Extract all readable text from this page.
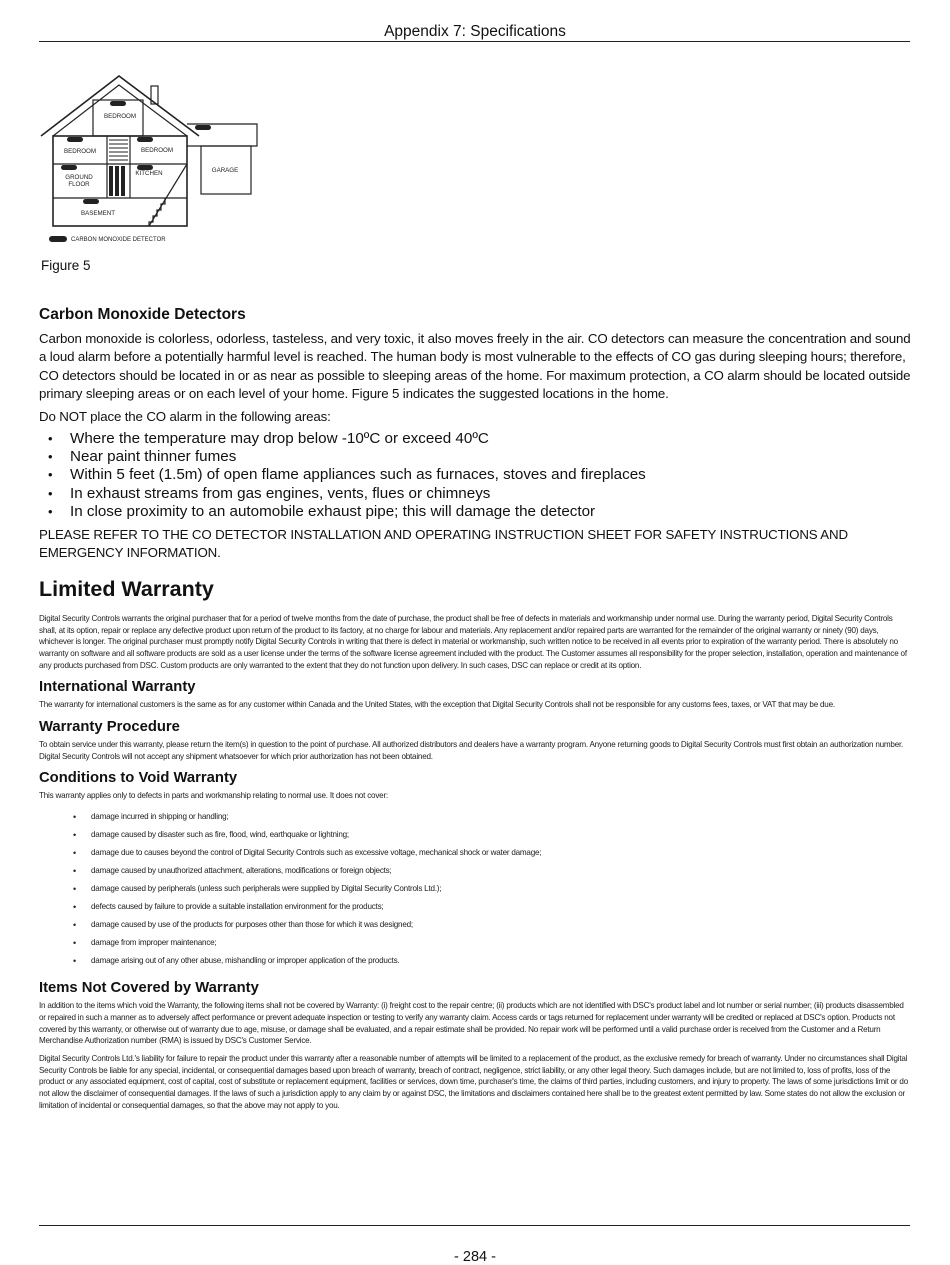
Appendix 7: Specifications
BEDROOM
BEDROOM	BEDROOM
GROUND
FLOOR
KITCHEN	GARAGE
BASEMENT
CARBON MONOXIDE DETECTOR
Figure 5
Carbon Monoxide Detectors

Carbon monoxide is colorless, odorless, tasteless, and very toxic, it also moves freely in the air. CO detectors can measure the concentration and sound a loud alarm before a potentially harmful level is reached. The human body is most vulnerable to the effects of CO gas during sleeping hours; therefore, CO detectors should be located in or as near as possible to sleeping areas of the home. For maximum protection, a CO alarm should be located outside primary sleeping areas or on each level of your home. Figure 5 indicates the suggested locations in the home.

Do NOT place the CO alarm in the following areas:

• Where the temperature may drop below -10ºC or exceed 40ºC
• Near paint thinner fumes
• Within 5 feet (1.5m) of open flame appliances such as furnaces, stoves and fireplaces
• In exhaust streams from gas engines, vents, flues or chimneys
• In close proximity to an automobile exhaust pipe; this will damage the detector

PLEASE REFER TO THE CO DETECTOR INSTALLATION AND OPERATING INSTRUCTION SHEET FOR SAFETY INSTRUCTIONS AND EMERGENCY INFORMATION.

Limited Warranty

Digital Security Controls warrants the original purchaser that for a period of twelve months from the date of purchase, the product shall be free of defects in materials and workmanship under normal use. During the warranty period, Digital Security Controls shall, at its option, repair or replace any defective product upon return of the product to its factory, at no charge for labour and materials. Any replacement and/or repaired parts are warranted for the remainder of the original warranty or ninety (90) days, whichever is longer. The original purchaser must promptly notify Digital Security Controls in writing that there is defect in material or workmanship, such written notice to be received in all events prior to expiration of the warranty period. There is absolutely no warranty on software and all software products are sold as a user license under the terms of the software license agreement included with the product. The Customer assumes all responsibility for the proper selection, installation, operation and maintenance of any products purchased from DSC. Custom products are only warranted to the extent that they do not function upon delivery. In such cases, DSC can replace or credit at its option.

International Warranty

The warranty for international customers is the same as for any customer within Canada and the United States, with the exception that Digital Security Controls shall not be responsible for any customs fees, taxes, or VAT that may be due.

Warranty Procedure

To obtain service under this warranty, please return the item(s) in question to the point of purchase. All authorized distributors and dealers have a warranty program. Anyone returning goods to Digital Security Controls must first obtain an authorization number. Digital Security Controls will not accept any shipment whatsoever for which prior authorization has not been obtained.

Conditions to Void Warranty

This warranty applies only to defects in parts and workmanship relating to normal use. It does not cover:

• damage incurred in shipping or handling;
• damage caused by disaster such as fire, flood, wind, earthquake or lightning;
• damage due to causes beyond the control of Digital Security Controls such as excessive voltage, mechanical shock or water damage;
• damage caused by unauthorized attachment, alterations, modifications or foreign objects;
• damage caused by peripherals (unless such peripherals were supplied by Digital Security Controls Ltd.);
• defects caused by failure to provide a suitable installation environment for the products;
• damage caused by use of the products for purposes other than those for which it was designed;
• damage from improper maintenance;
• damage arising out of any other abuse, mishandling or improper application of the products.
Items Not Covered by Warranty

In addition to the items which void the Warranty, the following items shall not be covered by Warranty: (i) freight cost to the repair centre; (ii) products which are not identified with DSC's product label and lot number or serial number; (iii) products disassembled or repaired in such a manner as to adversely affect performance or prevent adequate inspection or testing to verify any warranty claim. Access cards or tags returned for replacement under warranty will be credited or replaced at DSC's option. Products not covered by this warranty, or otherwise out of warranty due to age, misuse, or damage shall be evaluated, and a repair estimate shall be provided. No repair work will be performed until a valid purchase order is received from the Customer and a Return Merchandise Authorization number (RMA) is issued by DSC's Customer Service.

Digital Security Controls Ltd.'s liability for failure to repair the product under this warranty after a reasonable number of attempts will be limited to a replacement of the product, as the exclusive remedy for breach of warranty. Under no circumstances shall Digital Security Controls be liable for any special, incidental, or consequential damages based upon breach of warranty, breach of contract, negligence, strict liability, or any other legal theory. Such damages include, but are not limited to, loss of profits, loss of the product or any associated equipment, cost of capital, cost of substitute or replacement equipment, facilities or services, down time, purchaser's time, the claims of third parties, including customers, and injury to property. The laws of some jurisdictions limit or do not allow the disclaimer of consequential damages. If the laws of such a jurisdiction apply to any claim by or against DSC, the limitations and disclaimers contained here shall be to the greatest extent permitted by law. Some states do not allow the exclusion or limitation of incidental or consequential damages, so that the above may not apply to you.

- 284 -
